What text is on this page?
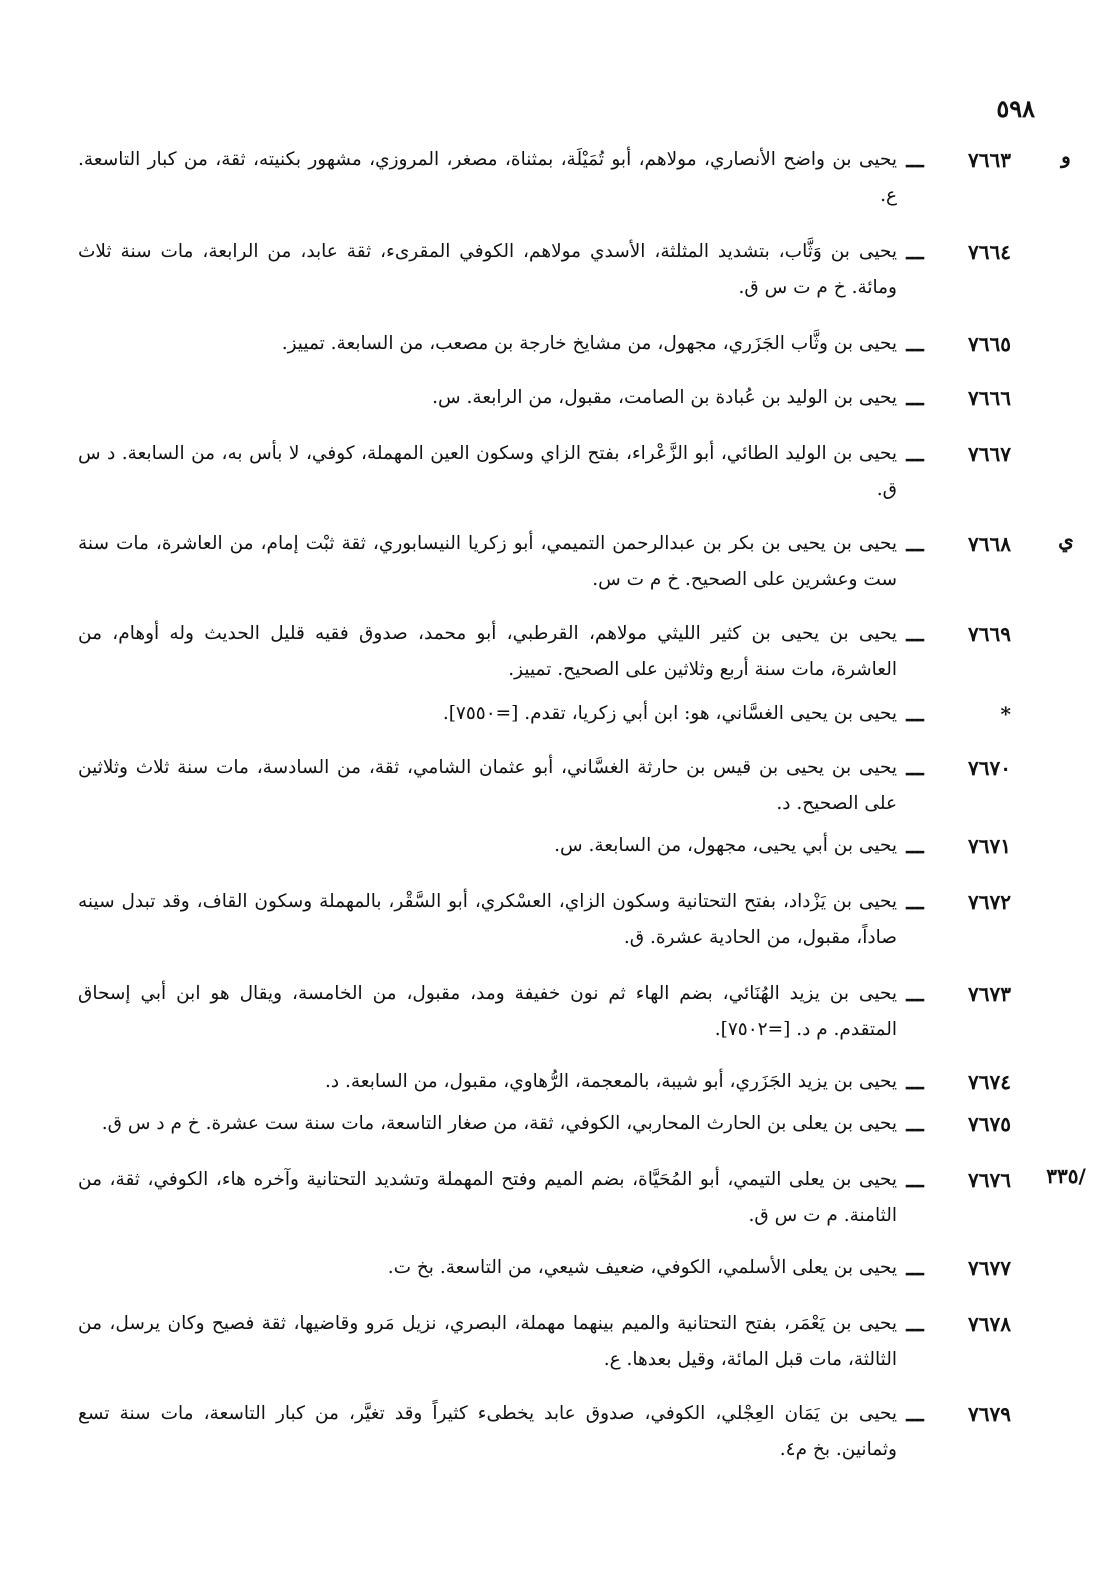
٥٩٨
و
٧٦٦٣
ـــ
يحيى بن واضح الأنصاري، مولاهم، أبو تُمَيْلَة، بمثناة، مصغر، المروزي، مشهور بكنيته، ثقة، من كبار التاسعة. ع.
٧٦٦٤
ـــ
يحيى بن وَثَّاب، بتشديد المثلثة، الأسدي مولاهم، الكوفي المقرىء، ثقة عابد، من الرابعة، مات سنة ثلاث ومائة. خ م ت س ق.
٧٦٦٥
ـــ
يحيى بن وثَّاب الجَزَري، مجهول، من مشايخ خارجة بن مصعب، من السابعة. تمييز.
٧٦٦٦
ـــ
يحيى بن الوليد بن عُبادة بن الصامت، مقبول، من الرابعة. س.
٧٦٦٧
ـــ
يحيى بن الوليد الطائي، أبو الزَّعْراء، بفتح الزاي وسكون العين المهملة، كوفي، لا بأس به، من السابعة. د س ق.
ي
٧٦٦٨
ـــ
يحيى بن يحيى بن بكر بن عبدالرحمن التميمي، أبو زكريا النيسابوري، ثقة ثبْت إمام، من العاشرة، مات سنة ست وعشرين على الصحيح. خ م ت س.
٧٦٦٩
ـــ
يحيى بن يحيى بن كثير الليثي مولاهم، القرطبي، أبو محمد، صدوق فقيه قليل الحديث وله أوهام، من العاشرة، مات سنة أربع وثلاثين على الصحيح. تمييز.
*
ـــ
يحيى بن يحيى الغسَّاني، هو: ابن أبي زكريا، تقدم. [=٧٥٥٠].
٧٦٧٠
ـــ
يحيى بن يحيى بن قيس بن حارثة الغسَّاني، أبو عثمان الشامي، ثقة، من السادسة، مات سنة ثلاث وثلاثين على الصحيح. د.
٧٦٧١
ـــ
يحيى بن أبي يحيى، مجهول، من السابعة. س.
٧٦٧٢
ـــ
يحيى بن يَزْداد، بفتح التحتانية وسكون الزاي، العسْكري، أبو السَّقْر، بالمهملة وسكون القاف، وقد تبدل سينه صاداً، مقبول، من الحادية عشرة. ق.
٧٦٧٣
ـــ
يحيى بن يزيد الهُنَائي، بضم الهاء ثم نون خفيفة ومد، مقبول، من الخامسة، ويقال هو ابن أبي إسحاق المتقدم. م د. [=٧٥٠٢].
٧٦٧٤
ـــ
يحيى بن يزيد الجَزَري، أبو شيبة، بالمعجمة، الرُّهاوي، مقبول، من السابعة. د.
٧٦٧٥
ـــ
يحيى بن يعلى بن الحارث المحاربي، الكوفي، ثقة، من صغار التاسعة، مات سنة ست عشرة. خ م د س ق.
/٣٣٥
٧٦٧٦
ـــ
يحيى بن يعلى التيمي، أبو المُحَيَّاة، بضم الميم وفتح المهملة وتشديد التحتانية وآخره هاء، الكوفي، ثقة، من الثامنة. م ت س ق.
٧٦٧٧
ـــ
يحيى بن يعلى الأسلمي، الكوفي، ضعيف شيعي، من التاسعة. بخ ت.
٧٦٧٨
ـــ
يحيى بن يَعْمَر، بفتح التحتانية والميم بينهما مهملة، البصري، نزيل مَرو وقاضيها، ثقة فصيح وكان يرسل، من الثالثة، مات قبل المائة، وقيل بعدها. ع.
٧٦٧٩
ـــ
يحيى بن يَمَان العِجْلي، الكوفي، صدوق عابد يخطىء كثيراً وقد تغيَّر، من كبار التاسعة، مات سنة تسع وثمانين. بخ م٤.
